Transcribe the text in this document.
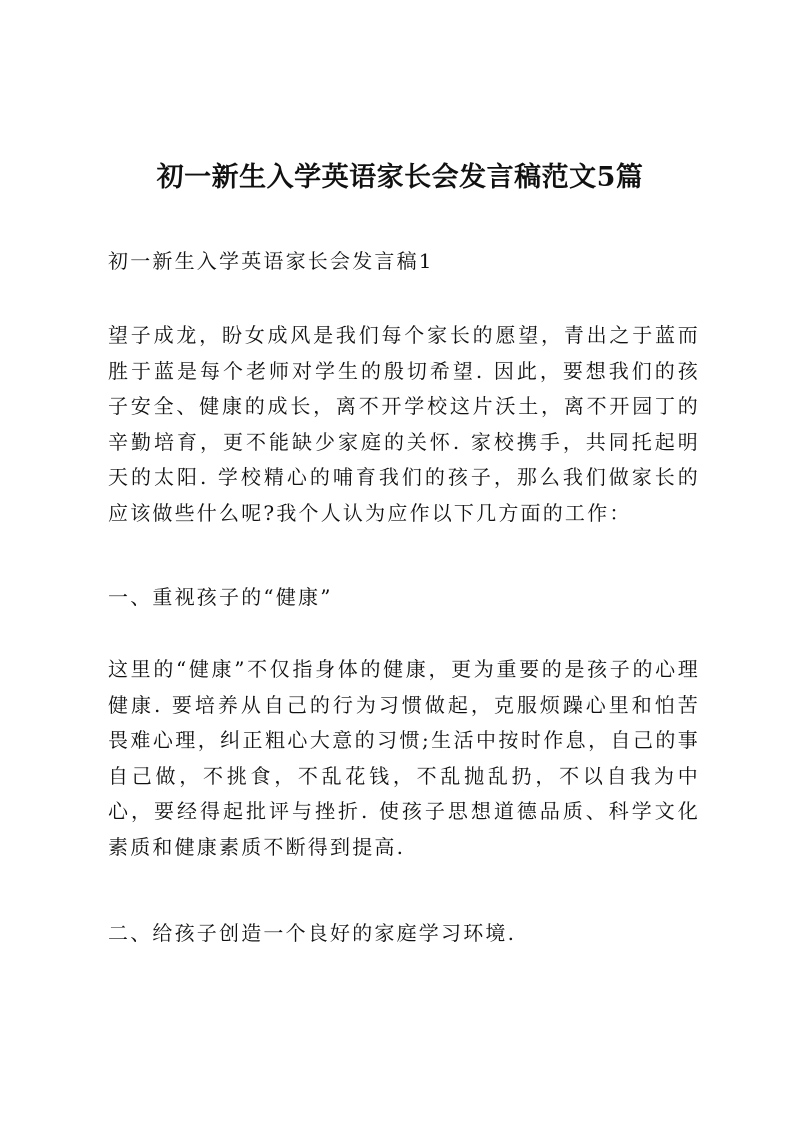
初一新生入学英语家长会发言稿范文5篇

初一新生入学英语家长会发言稿1

望子成龙，盼女成风是我们每个家长的愿望，青出之于蓝而胜于蓝是每个老师对学生的殷切希望. 因此，要想我们的孩子安全、健康的成长，离不开学校这片沃土，离不开园丁的辛勤培育，更不能缺少家庭的关怀. 家校携手，共同托起明天的太阳. 学校精心的哺育我们的孩子，那么我们做家长的应该做些什么呢?我个人认为应作以下几方面的工作：

一、重视孩子的“健康”

这里的“健康”不仅指身体的健康，更为重要的是孩子的心理健康. 要培养从自己的行为习惯做起，克服烦躁心里和怕苦畏难心理，纠正粗心大意的习惯;生活中按时作息，自己的事自己做，不挑食，不乱花钱，不乱抛乱扔，不以自我为中心，要经得起批评与挫折. 使孩子思想道德品质、科学文化素质和健康素质不断得到提高.

二、给孩子创造一个良好的家庭学习环境.
